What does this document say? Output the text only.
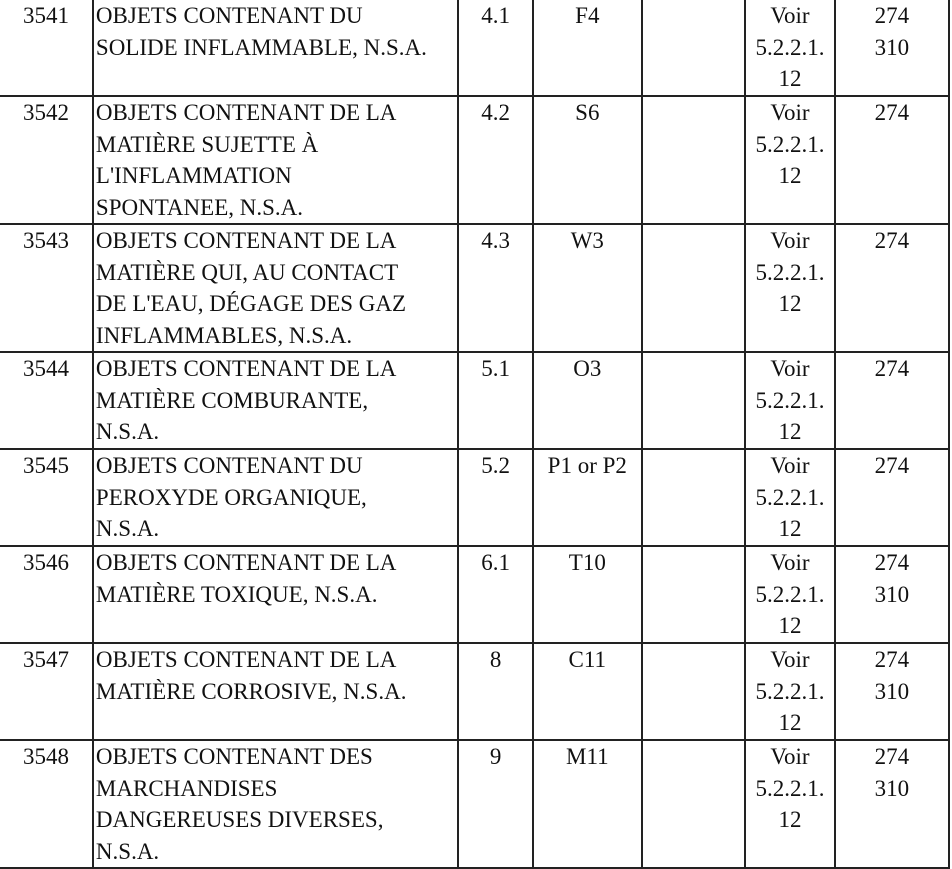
3541	OBJETS CONTENANT DU
SOLIDE INFLAMMABLE, N.S.A.	4.1	F4		Voir
5.2.2.1.
12	274
310
3542	OBJETS CONTENANT DE LA
MATIÈRE SUJETTE À
L'INFLAMMATION
SPONTANEE, N.S.A.	4.2	S6		Voir
5.2.2.1.
12	274
3543	OBJETS CONTENANT DE LA
MATIÈRE QUI, AU CONTACT
DE L'EAU, DÉGAGE DES GAZ
INFLAMMABLES, N.S.A.	4.3	W3		Voir
5.2.2.1.
12	274
3544	OBJETS CONTENANT DE LA
MATIÈRE COMBURANTE,
N.S.A.	5.1	O3		Voir
5.2.2.1.
12	274
3545	OBJETS CONTENANT DU
PEROXYDE ORGANIQUE,
N.S.A.	5.2	P1 or P2		Voir
5.2.2.1.
12	274
3546	OBJETS CONTENANT DE LA
MATIÈRE TOXIQUE, N.S.A.	6.1	T10		Voir
5.2.2.1.
12	274
310
3547	OBJETS CONTENANT DE LA
MATIÈRE CORROSIVE, N.S.A.	8	C11		Voir
5.2.2.1.
12	274
310
3548	OBJETS CONTENANT DES
MARCHANDISES
DANGEREUSES DIVERSES,
N.S.A.	9	M11		Voir
5.2.2.1.
12	274
310
